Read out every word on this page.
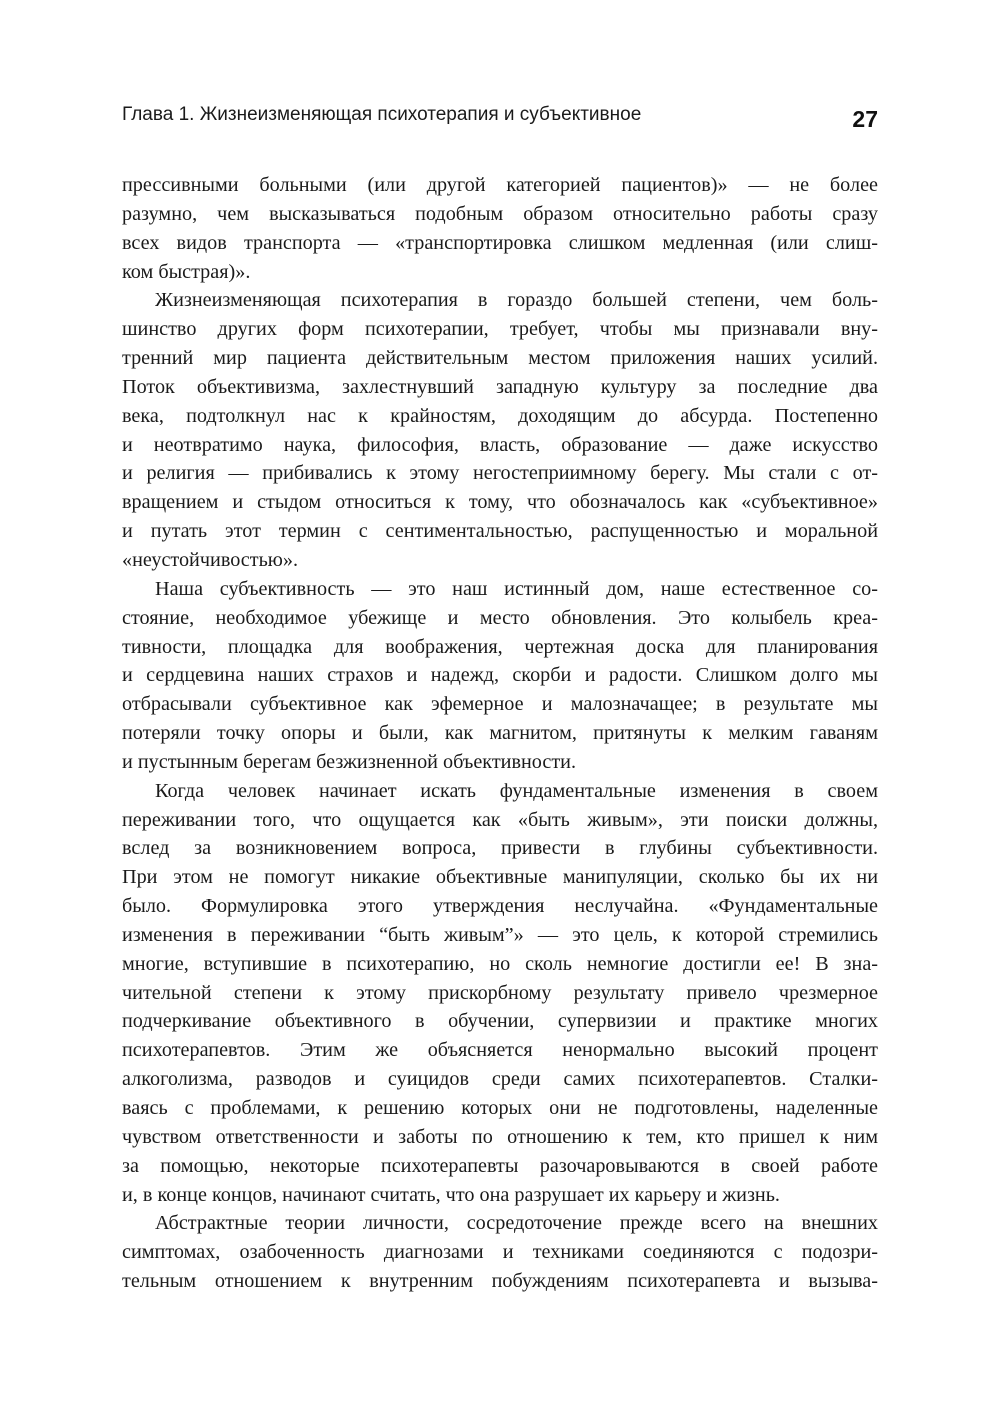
Глава 1. Жизнеизменяющая психотерапия и субъективное	27
прессивными больными (или другой категорией пациентов)» — не более
разумно, чем высказываться подобным образом относительно работы сразу
всех видов транспорта — «транспортировка слишком медленная (или слиш-
ком быстрая)».
Жизнеизменяющая психотерапия в гораздо большей степени, чем боль-
шинство других форм психотерапии, требует, чтобы мы признавали вну-
тренний мир пациента действительным местом приложения наших усилий.
Поток объективизма, захлестнувший западную культуру за последние два
века, подтолкнул нас к крайностям, доходящим до абсурда. Постепенно
и неотвратимо наука, философия, власть, образование — даже искусство
и религия — прибивались к этому негостеприимному берегу. Мы стали с от-
вращением и стыдом относиться к тому, что обозначалось как «субъективное»
и путать этот термин с сентиментальностью, распущенностью и моральной
«неустойчивостью».
Наша субъективность — это наш истинный дом, наше естественное со-
стояние, необходимое убежище и место обновления. Это колыбель креа-
тивности, площадка для воображения, чертежная доска для планирования
и сердцевина наших страхов и надежд, скорби и радости. Слишком долго мы
отбрасывали субъективное как эфемерное и малозначащее; в результате мы
потеряли точку опоры и были, как магнитом, притянуты к мелким гаваням
и пустынным берегам безжизненной объективности.
Когда человек начинает искать фундаментальные изменения в своем
переживании того, что ощущается как «быть живым», эти поиски должны,
вслед за возникновением вопроса, привести в глубины субъективности.
При этом не помогут никакие объективные манипуляции, сколько бы их ни
было. Формулировка этого утверждения неслучайна. «Фундаментальные
изменения в переживании “быть живым”» — это цель, к которой стремились
многие, вступившие в психотерапию, но сколь немногие достигли ее! В зна-
чительной степени к этому прискорбному результату привело чрезмерное
подчеркивание объективного в обучении, супервизии и практике многих
психотерапевтов. Этим же объясняется ненормально высокий процент
алкоголизма, разводов и суицидов среди самих психотерапевтов. Сталки-
ваясь с проблемами, к решению которых они не подготовлены, наделенные
чувством ответственности и заботы по отношению к тем, кто пришел к ним
за помощью, некоторые психотерапевты разочаровываются в своей работе
и, в конце концов, начинают считать, что она разрушает их карьеру и жизнь.
Абстрактные теории личности, сосредоточение прежде всего на внешних
симптомах, озабоченность диагнозами и техниками соединяются с подозри-
тельным отношением к внутренним побуждениям психотерапевта и вызыва-
